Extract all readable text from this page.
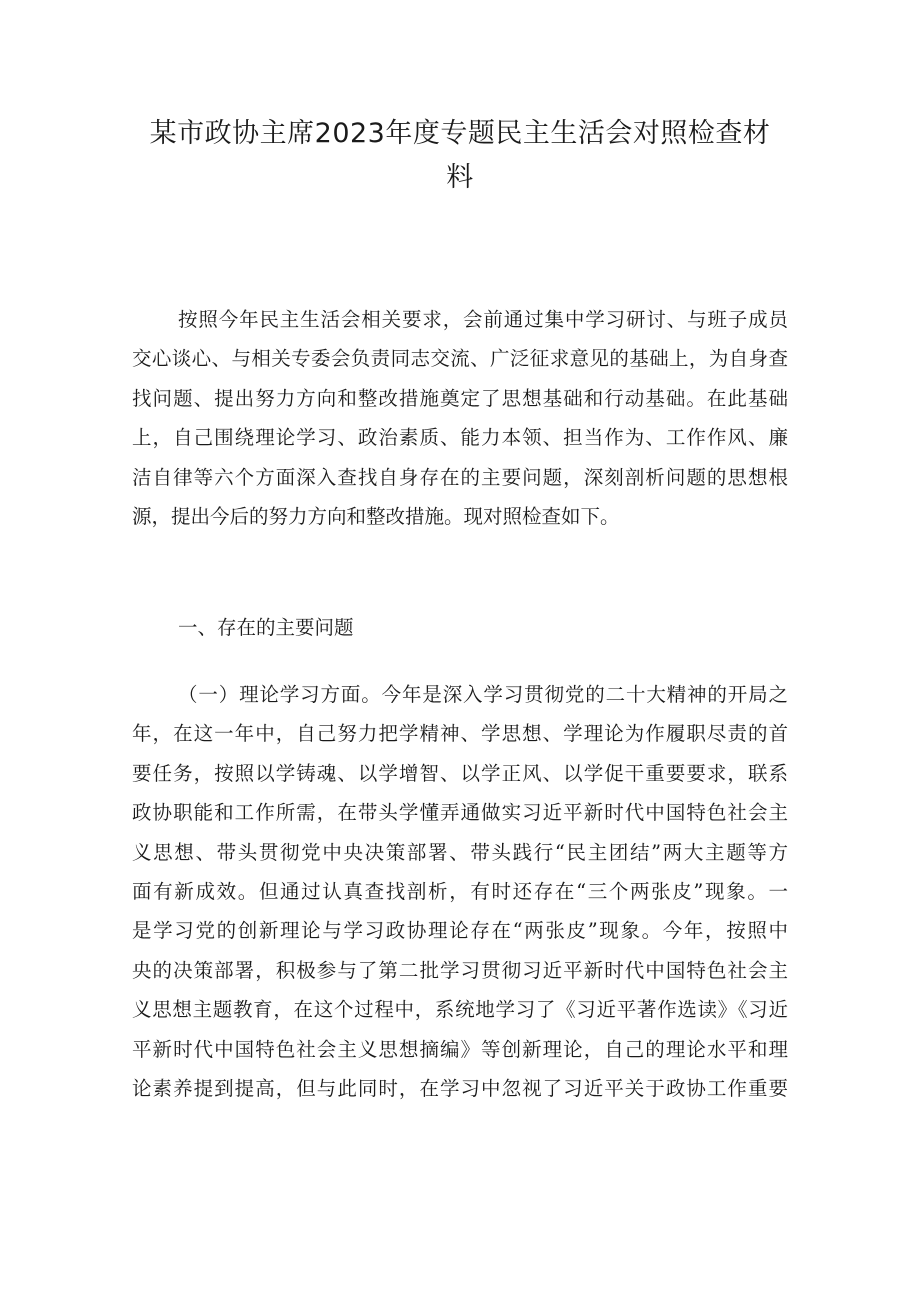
某市政协主席2023年度专题民主生活会对照检查材
料
按照今年民主生活会相关要求，会前通过集中学习研讨、与班子成员
交心谈心、与相关专委会负责同志交流、广泛征求意见的基础上，为自身查
找问题、提出努力方向和整改措施奠定了思想基础和行动基础。在此基础
上，自己围绕理论学习、政治素质、能力本领、担当作为、工作作风、廉
洁自律等六个方面深入查找自身存在的主要问题，深刻剖析问题的思想根
源，提出今后的努力方向和整改措施。现对照检查如下。

一、存在的主要问题

（一）理论学习方面。今年是深入学习贯彻党的二十大精神的开局之
年，在这一年中，自己努力把学精神、学思想、学理论为作履职尽责的首
要任务，按照以学铸魂、以学增智、以学正风、以学促干重要要求，联系
政协职能和工作所需，在带头学懂弄通做实习近平新时代中国特色社会主
义思想、带头贯彻党中央决策部署、带头践行“民主团结”两大主题等方
面有新成效。但通过认真查找剖析，有时还存在“三个两张皮”现象。一
是学习党的创新理论与学习政协理论存在“两张皮”现象。今年，按照中
央的决策部署，积极参与了第二批学习贯彻习近平新时代中国特色社会主
义思想主题教育，在这个过程中，系统地学习了《习近平著作选读》《习近
平新时代中国特色社会主义思想摘编》等创新理论，自己的理论水平和理
论素养提到提高，但与此同时，在学习中忽视了习近平关于政协工作重要
